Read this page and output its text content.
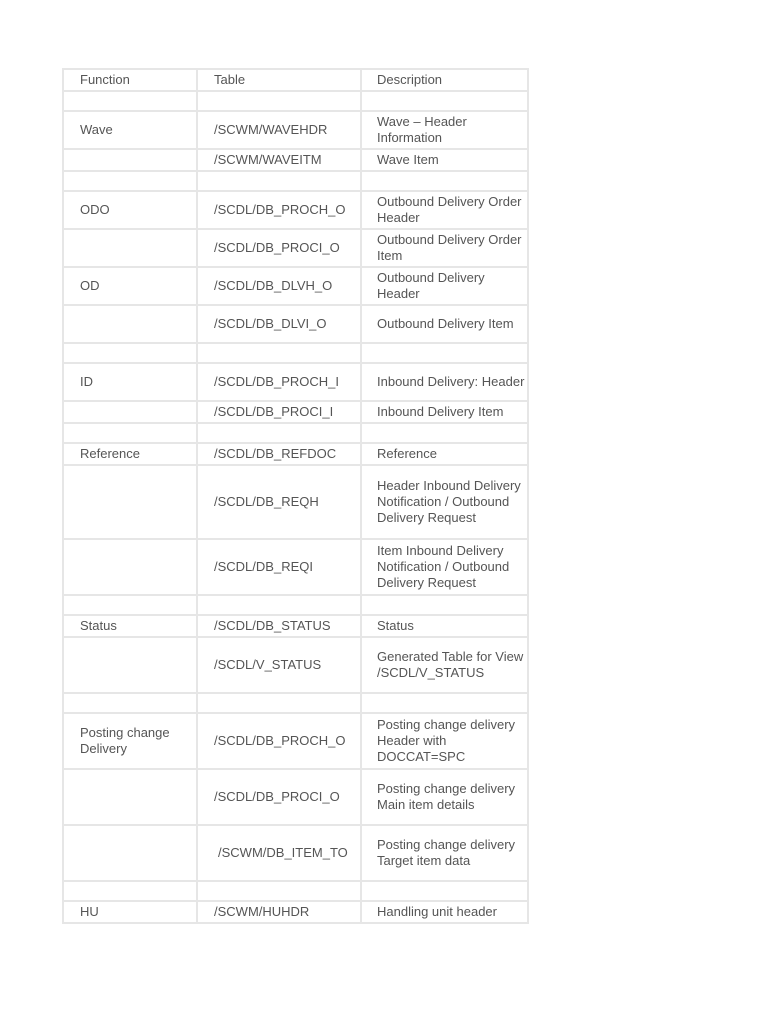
Function	Table	Description

Wave	/SCWM/WAVEHDR	Wave – Header Information
	/SCWM/WAVEITM	Wave Item

ODO	/SCDL/DB_PROCH_O	Outbound Delivery Order Header
	/SCDL/DB_PROCI_O	Outbound Delivery Order Item
OD	/SCDL/DB_DLVH_O	Outbound Delivery Header
	/SCDL/DB_DLVI_O	Outbound Delivery Item

ID	/SCDL/DB_PROCH_I	Inbound Delivery: Header
	/SCDL/DB_PROCI_I	Inbound Delivery Item

Reference	/SCDL/DB_REFDOC	Reference
	/SCDL/DB_REQH	Header Inbound Delivery Notification / Outbound Delivery Request
	/SCDL/DB_REQI	Item Inbound Delivery Notification / Outbound Delivery Request

Status	/SCDL/DB_STATUS	Status
	/SCDL/V_STATUS	Generated Table for View /SCDL/V_STATUS

Posting change Delivery	/SCDL/DB_PROCH_O	Posting change delivery Header with DOCCAT=SPC
	/SCDL/DB_PROCI_O	Posting change delivery Main item details
	/SCWM/DB_ITEM_TO	Posting change delivery Target item data

HU	/SCWM/HUHDR	Handling unit header
